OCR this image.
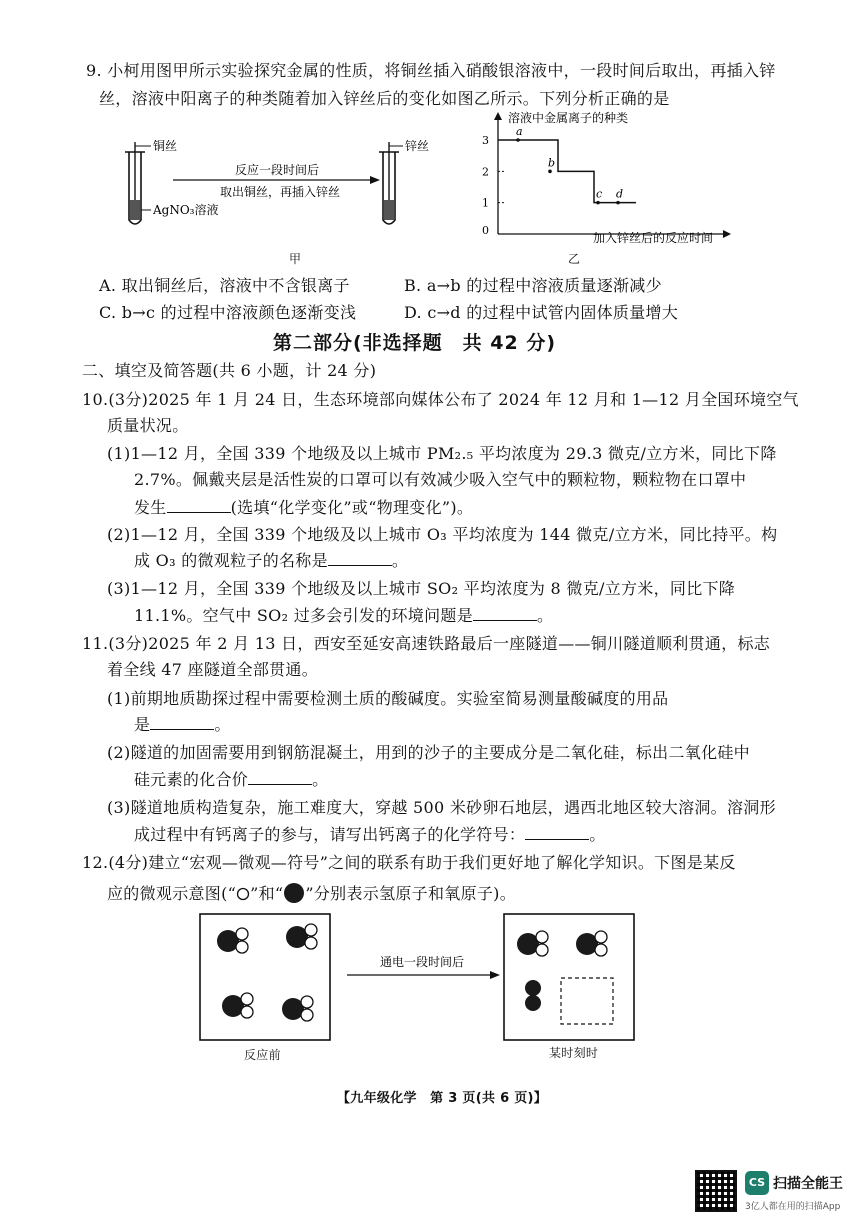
9. 小柯用图甲所示实验探究金属的性质，将铜丝插入硝酸银溶液中，一段时间后取出，再插入锌
丝，溶液中阳离子的种类随着加入锌丝后的变化如图乙所示。下列分析正确的是
铜丝
AgNO₃溶液
反应一段时间后
取出铜丝，再插入锌丝
锌丝
甲
溶液中金属离子的种类
加入锌丝后的反应时间
0
1
2
3
a
b
c d
乙
A. 取出铜丝后，溶液中不含银离子	B. a→b 的过程中溶液质量逐渐减少
C. b→c 的过程中溶液颜色逐渐变浅	D. c→d 的过程中试管内固体质量增大
第二部分(非选择题　共 42 分)
二、填空及简答题(共 6 小题，计 24 分)
10.(3分)2025 年 1 月 24 日，生态环境部向媒体公布了 2024 年 12 月和 1—12 月全国环境空气
质量状况。
(1)1—12 月，全国 339 个地级及以上城市 PM₂.₅ 平均浓度为 29.3 微克/立方米，同比下降
2.7%。佩戴夹层是活性炭的口罩可以有效减少吸入空气中的颗粒物，颗粒物在口罩中
发生	(选填“化学变化”或“物理变化”)。
(2)1—12 月，全国 339 个地级及以上城市 O₃ 平均浓度为 144 微克/立方米，同比持平。构
成 O₃ 的微观粒子的名称是	。
(3)1—12 月，全国 339 个地级及以上城市 SO₂ 平均浓度为 8 微克/立方米，同比下降
11.1%。空气中 SO₂ 过多会引发的环境问题是	。
11.(3分)2025 年 2 月 13 日，西安至延安高速铁路最后一座隧道——铜川隧道顺利贯通，标志
着全线 47 座隧道全部贯通。
(1)前期地质勘探过程中需要检测土质的酸碱度。实验室简易测量酸碱度的用品
是	。
(2)隧道的加固需要用到钢筋混凝土，用到的沙子的主要成分是二氧化硅，标出二氧化硅中
硅元素的化合价	。
(3)隧道地质构造复杂，施工难度大，穿越 500 米砂卵石地层，遇西北地区较大溶洞。溶洞形
成过程中有钙离子的参与，请写出钙离子的化学符号：	。
12.(4分)建立“宏观—微观—符号”之间的联系有助于我们更好地了解化学知识。下图是某反
应的微观示意图(“ ”和“ ”分别表示氢原子和氧原子)。
通电一段时间后
反应前	某时刻时
【九年级化学　第 3 页(共 6 页)】
CS 扫描全能王
3亿人都在用的扫描App
